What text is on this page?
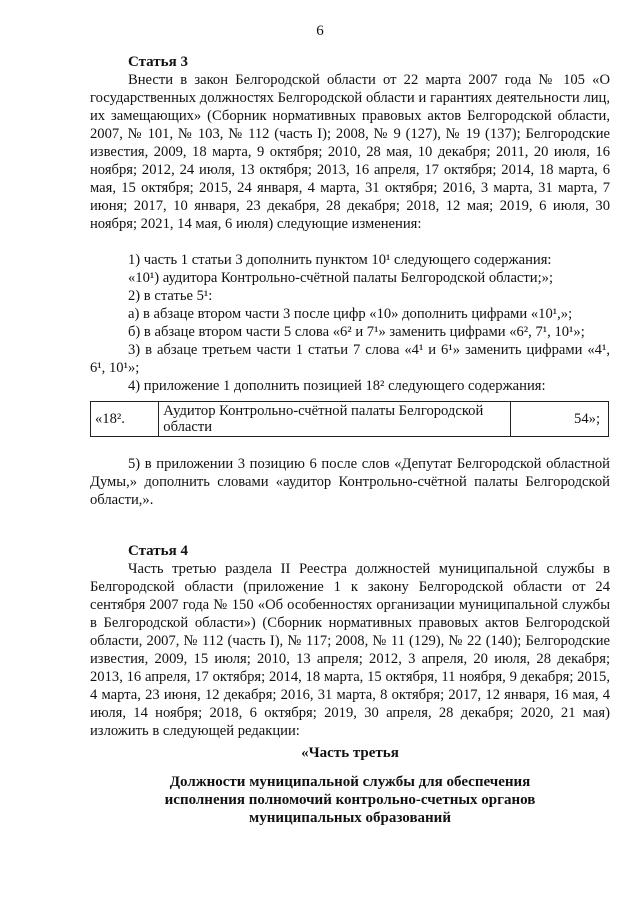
6
Статья 3
Внести в закон Белгородской области от 22 марта 2007 года № 105 «О государственных должностях Белгородской области и гарантиях деятельности лиц, их замещающих» (Сборник нормативных правовых актов Белгородской области, 2007, № 101, № 103, № 112 (часть I); 2008, № 9 (127), № 19 (137); Белгородские известия, 2009, 18 марта, 9 октября; 2010, 28 мая, 10 декабря; 2011, 20 июля, 16 ноября; 2012, 24 июля, 13 октября; 2013, 16 апреля, 17 октября; 2014, 18 марта, 6 мая, 15 октября; 2015, 24 января, 4 марта, 31 октября; 2016, 3 марта, 31 марта, 7 июня; 2017, 10 января, 23 декабря, 28 декабря; 2018, 12 мая; 2019, 6 июля, 30 ноября; 2021, 14 мая, 6 июля) следующие изменения:
1) часть 1 статьи 3 дополнить пунктом 10¹ следующего содержания:
«10¹) аудитора Контрольно-счётной палаты Белгородской области;»;
2) в статье 5¹:
а) в абзаце втором части 3 после цифр «10» дополнить цифрами «10¹,»;
б) в абзаце втором части 5 слова «6² и 7¹» заменить цифрами «6², 7¹, 10¹»;
3) в абзаце третьем части 1 статьи 7 слова «4¹ и 6¹» заменить цифрами «4¹, 6¹, 10¹»;
4) приложение 1 дополнить позицией 18² следующего содержания:
«18².	Аудитор Контрольно-счётной палаты Белгородской области	54»;
5) в приложении 3 позицию 6 после слов «Депутат Белгородской областной Думы,» дополнить словами «аудитор Контрольно-счётной палаты Белгородской области,».
Статья 4
Часть третью раздела II Реестра должностей муниципальной службы в Белгородской области (приложение 1 к закону Белгородской области от 24 сентября 2007 года № 150 «Об особенностях организации муниципальной службы в Белгородской области») (Сборник нормативных правовых актов Белгородской области, 2007, № 112 (часть I), № 117; 2008, № 11 (129), № 22 (140); Белгородские известия, 2009, 15 июля; 2010, 13 апреля; 2012, 3 апреля, 20 июля, 28 декабря; 2013, 16 апреля, 17 октября; 2014, 18 марта, 15 октября, 11 ноября, 9 декабря; 2015, 4 марта, 23 июня, 12 декабря; 2016, 31 марта, 8 октября; 2017, 12 января, 16 мая, 4 июля, 14 ноября; 2018, 6 октября; 2019, 30 апреля, 28 декабря; 2020, 21 мая) изложить в следующей редакции:
«Часть третья
Должности муниципальной службы для обеспечения исполнения полномочий контрольно-счетных органов муниципальных образований
